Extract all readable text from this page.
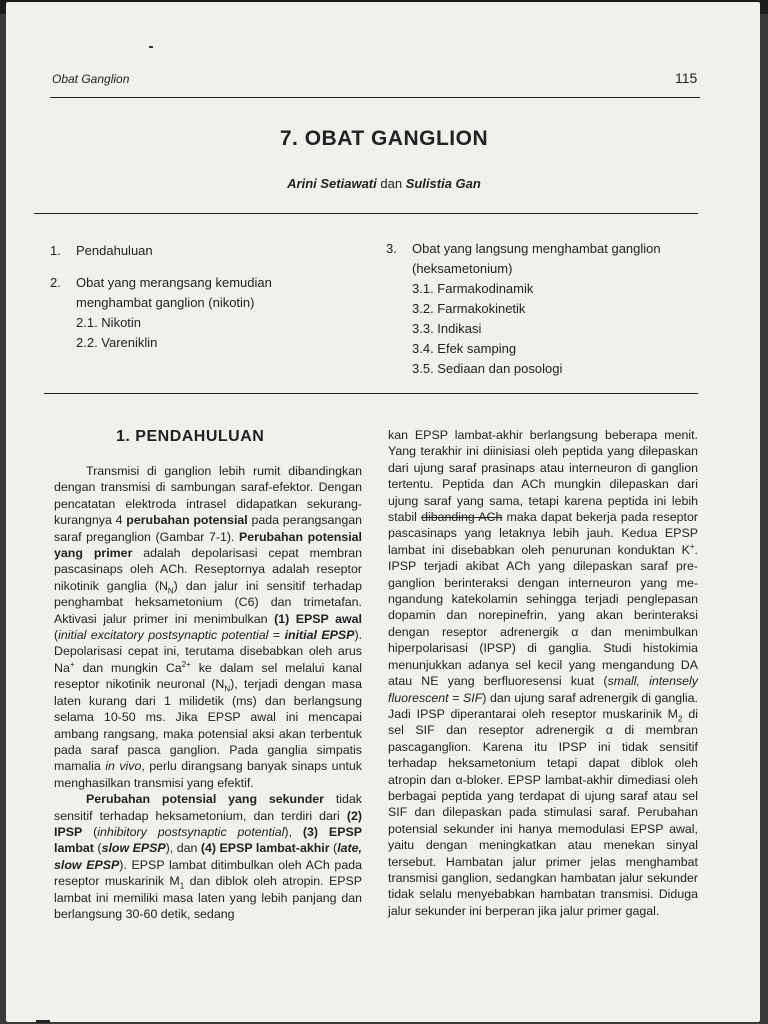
Obat Ganglion	115
7. OBAT GANGLION
Arini Setiawati dan Sulistia Gan
1. Pendahuluan
2. Obat yang merangsang kemudian menghambat ganglion (nikotin)
2.1. Nikotin
2.2. Vareniklin
3. Obat yang langsung menghambat ganglion (heksametonium)
3.1. Farmakodinamik
3.2. Farmakokinetik
3.3. Indikasi
3.4. Efek samping
3.5. Sediaan dan posologi
1. PENDAHULUAN

Transmisi di ganglion lebih rumit dibandingkan dengan transmisi di sambungan saraf-efektor. Dengan pencatatan elektroda intrasel didapatkan sekurang-kurangnya 4 perubahan potensial pada perangsangan saraf preganglion (Gambar 7-1). Perubahan potensial yang primer adalah depolarisasi cepat membran pascasinaps oleh ACh. Reseptornya adalah reseptor nikotinik ganglia $(N_N)$ dan jalur ini sensitif terhadap penghambat heksametonium (C6) dan trimetafan. Aktivasi jalur primer ini menimbulkan (1) EPSP awal (initial excitatory postsynaptic potential = initial EPSP). Depolarisasi cepat ini, terutama disebabkan oleh arus Na+ dan mungkin $Ca^{2+}$ ke dalam sel melalui kanal reseptor nikotinik neuronal $(N_N)$, terjadi dengan masa laten kurang dari 1 milidetik (ms) dan berlangsung selama 10-50 ms. Jika EPSP awal ini mencapai ambang rangsang, maka potensial aksi akan terbentuk pada saraf pasca ganglion. Pada ganglia simpatis mamalia in vivo, perlu dirangsang banyak sinaps untuk menghasilkan transmisi yang efektif.

Perubahan potensial yang sekunder tidak sensitif terhadap heksametonium, dan terdiri dari (2) IPSP (inhibitory postsynaptic potential), (3) EPSP lambat (slow EPSP), dan (4) EPSP lambat-akhir (late, slow EPSP). EPSP lambat ditimbulkan oleh ACh pada reseptor muskarinik $M_1$ dan diblok oleh atropin. EPSP lambat ini memiliki masa laten yang lebih panjang dan berlangsung 30-60 detik, sedang

kan EPSP lambat-akhir berlangsung beberapa menit. Yang terakhir ini diinisiasi oleh peptida yang dilepaskan dari ujung saraf prasinaps atau interneuron di ganglion tertentu. Peptida dan ACh mungkin dilepaskan dari ujung saraf yang sama, tetapi karena peptida ini lebih stabil dibanding ACh maka dapat bekerja pada reseptor pascasinaps yang letaknya lebih jauh. Kedua EPSP lambat ini disebabkan oleh penurunan konduktan K+. IPSP terjadi akibat ACh yang dilepaskan saraf preganglion berinteraksi dengan interneuron yang mengandung katekolamin sehingga terjadi penglepasan dopamin dan norepinefrin, yang akan berinteraksi dengan reseptor adrenergik α dan menimbulkan hiperpolarisasi (IPSP) di ganglia. Studi histokimia menunjukkan adanya sel kecil yang mengandung DA atau NE yang berfluoresensi kuat (small, intensely fluorescent = SIF) dan ujung saraf adrenergik di ganglia. Jadi IPSP diperantarai oleh reseptor muskarinik $M_2$ di sel SIF dan reseptor adrenergik α di membran pascaganglion. Karena itu IPSP ini tidak sensitif terhadap heksametonium tetapi dapat diblok oleh atropin dan α-bloker. EPSP lambat-akhir dimediasi oleh berbagai peptida yang terdapat di ujung saraf atau sel SIF dan dilepaskan pada stimulasi saraf. Perubahan potensial sekunder ini hanya memodulasi EPSP awal, yaitu dengan meningkatkan atau menekan sinyal tersebut. Hambatan jalur primer jelas menghambat transmisi ganglion, sedangkan hambatan jalur sekunder tidak selalu menyebabkan hambatan transmisi. Diduga jalur sekunder ini berperan jika jalur primer gagal.
